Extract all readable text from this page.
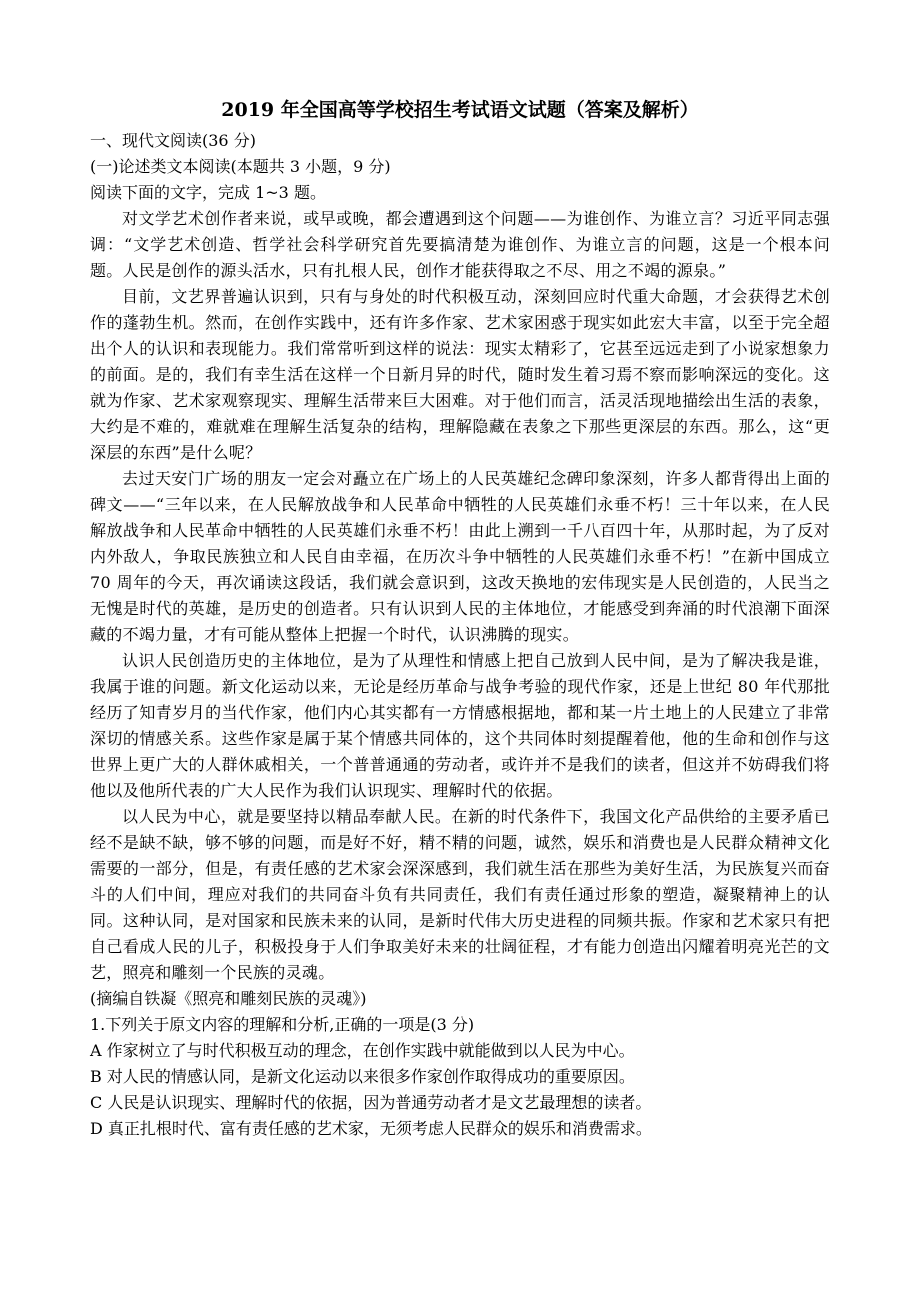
2019 年全国高等学校招生考试语文试题（答案及解析）

一、现代文阅读(36 分)

(一)论述类文本阅读(本题共 3 小题，9 分)

阅读下面的文字，完成 1~3 题。

对文学艺术创作者来说，或早或晚，都会遭遇到这个问题——为谁创作、为谁立言？习近平同志强调：“文学艺术创造、哲学社会科学研究首先要搞清楚为谁创作、为谁立言的问题，这是一个根本问题。人民是创作的源头活水，只有扎根人民，创作才能获得取之不尽、用之不竭的源泉。”

目前，文艺界普遍认识到，只有与身处的时代积极互动，深刻回应时代重大命题，才会获得艺术创作的蓬勃生机。然而，在创作实践中，还有许多作家、艺术家困惑于现实如此宏大丰富，以至于完全超出个人的认识和表现能力。我们常常听到这样的说法：现实太精彩了，它甚至远远走到了小说家想象力的前面。是的，我们有幸生活在这样一个日新月异的时代，随时发生着习焉不察而影响深远的变化。这就为作家、艺术家观察现实、理解生活带来巨大困难。对于他们而言，活灵活现地描绘出生活的表象，大约是不难的，难就难在理解生活复杂的结构，理解隐藏在表象之下那些更深层的东西。那么，这“更深层的东西”是什么呢？

去过天安门广场的朋友一定会对矗立在广场上的人民英雄纪念碑印象深刻，许多人都背得出上面的碑文——“三年以来，在人民解放战争和人民革命中牺牲的人民英雄们永垂不朽！三十年以来，在人民解放战争和人民革命中牺牲的人民英雄们永垂不朽！由此上溯到一千八百四十年，从那时起，为了反对内外敌人，争取民族独立和人民自由幸福，在历次斗争中牺牲的人民英雄们永垂不朽！”在新中国成立 70 周年的今天，再次诵读这段话，我们就会意识到，这改天换地的宏伟现实是人民创造的，人民当之无愧是时代的英雄，是历史的创造者。只有认识到人民的主体地位，才能感受到奔涌的时代浪潮下面深藏的不竭力量，才有可能从整体上把握一个时代，认识沸腾的现实。

认识人民创造历史的主体地位，是为了从理性和情感上把自己放到人民中间，是为了解决我是谁，我属于谁的问题。新文化运动以来，无论是经历革命与战争考验的现代作家，还是上世纪 80 年代那批经历了知青岁月的当代作家，他们内心其实都有一方情感根据地，都和某一片土地上的人民建立了非常深切的情感关系。这些作家是属于某个情感共同体的，这个共同体时刻提醒着他，他的生命和创作与这世界上更广大的人群休戚相关，一个普普通通的劳动者，或许并不是我们的读者，但这并不妨碍我们将他以及他所代表的广大人民作为我们认识现实、理解时代的依据。

以人民为中心，就是要坚持以精品奉献人民。在新的时代条件下，我国文化产品供给的主要矛盾已经不是缺不缺，够不够的问题，而是好不好，精不精的问题，诚然，娱乐和消费也是人民群众精神文化需要的一部分，但是，有责任感的艺术家会深深感到，我们就生活在那些为美好生活，为民族复兴而奋斗的人们中间，理应对我们的共同奋斗负有共同责任，我们有责任通过形象的塑造，凝聚精神上的认同。这种认同，是对国家和民族未来的认同，是新时代伟大历史进程的同频共振。作家和艺术家只有把自己看成人民的儿子，积极投身于人们争取美好未来的壮阔征程，才有能力创造出闪耀着明亮光芒的文艺，照亮和雕刻一个民族的灵魂。

(摘编自铁凝《照亮和雕刻民族的灵魂》)

1.下列关于原文内容的理解和分析,正确的一项是(3 分)

A 作家树立了与时代积极互动的理念，在创作实践中就能做到以人民为中心。

B 对人民的情感认同，是新文化运动以来很多作家创作取得成功的重要原因。

C 人民是认识现实、理解时代的依据，因为普通劳动者才是文艺最理想的读者。

D 真正扎根时代、富有责任感的艺术家，无须考虑人民群众的娱乐和消费需求。
